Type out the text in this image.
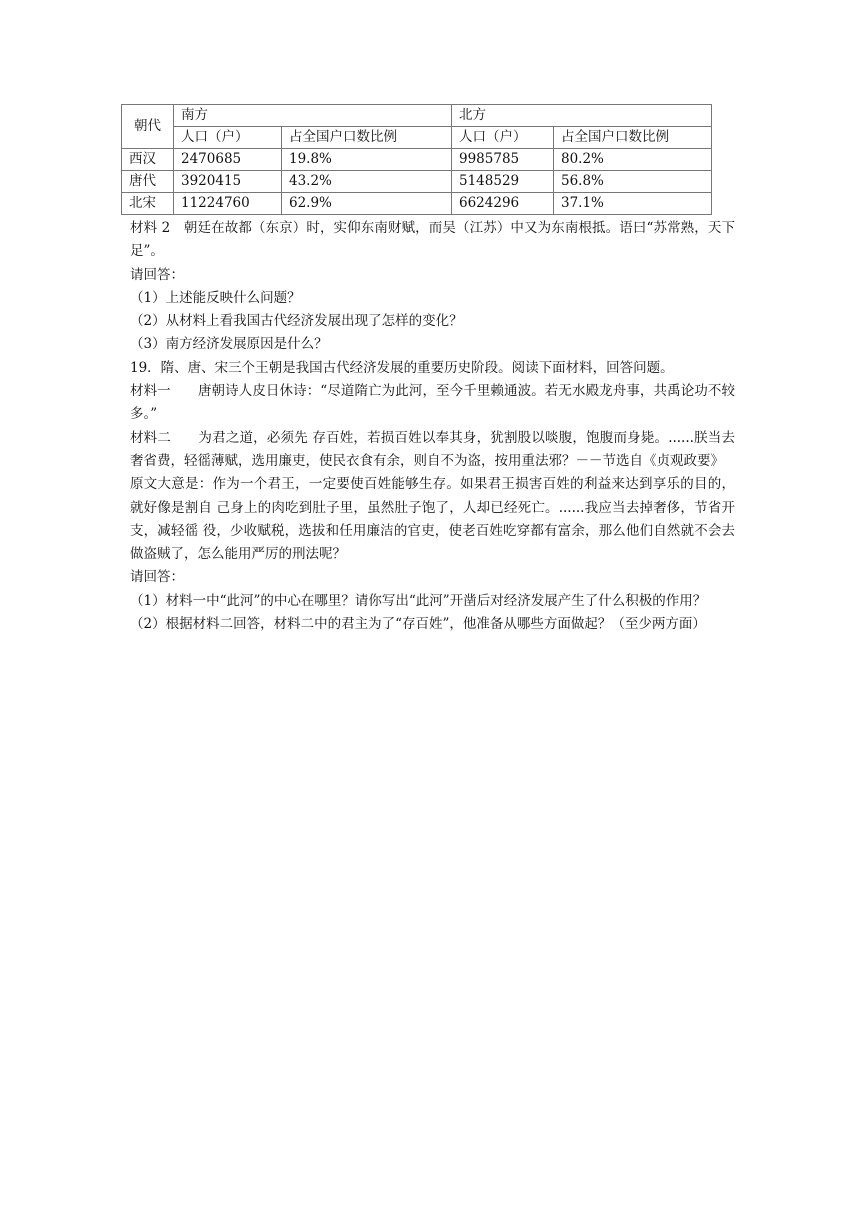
朝代	南方		北方	
	人口（户）	占全国户口数比例	人口（户）	占全国户口数比例
西汉	2470685	19.8%	9985785	80.2%
唐代	3920415	43.2%	5148529	56.8%
北宋	11224760	62.9%	6624296	37.1%

材料 2　朝廷在故都（东京）时，实仰东南财赋，而吴（江苏）中又为东南根抵。语曰“苏常熟，天下足”。

请回答：

（1）上述能反映什么问题？

（2）从材料上看我国古代经济发展出现了怎样的变化？

（3）南方经济发展原因是什么？

19．隋、唐、宋三个王朝是我国古代经济发展的重要历史阶段。阅读下面材料，回答问题。

材料一　　唐朝诗人皮日休诗：“尽道隋亡为此河，至今千里赖通波。若无水殿龙舟事，共禹论功不较多。”

材料二　　为君之道，必须先 存百姓，若损百姓以奉其身，犹割股以啖腹，饱腹而身毙。......朕当去奢省费，轻徭薄赋，选用廉吏，使民衣食有余，则自不为盗，按用重法邪？－－节选自《贞观政要》

原文大意是：作为一个君王，一定要使百姓能够生存。如果君王损害百姓的利益来达到享乐的目的，就好像是割自 己身上的肉吃到肚子里，虽然肚子饱了，人却已经死亡。......我应当去掉奢侈，节省开支，减轻徭 役，少收赋税，选拔和任用廉洁的官吏，使老百姓吃穿都有富余，那么他们自然就不会去做盗贼了，怎么能用严厉的刑法呢？

请回答：

（1）材料一中“此河”的中心在哪里？请你写出“此河”开凿后对经济发展产生了什么积极的作用？

（2）根据材料二回答，材料二中的君主为了“存百姓”，他准备从哪些方面做起？（至少两方面）
